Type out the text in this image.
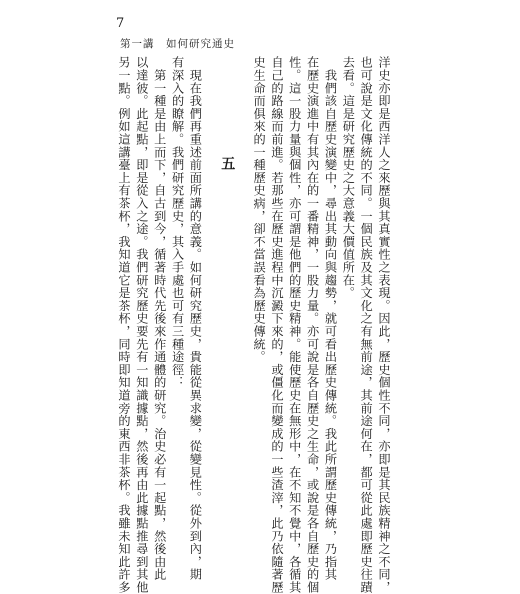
7
第一講　如何研究通史
洋史亦即是西洋人之來歷與其真實性之表現。因此，歷史個性不同，亦即是其民族精神之不同，
也可說是文化傳統的不同。一個民族及其文化之有無前途，其前途何在，都可從此處即歷史往蹟
去看。這是研究歷史之大意義大價值所在。
　我們該自歷史演變中，尋出其動向與趨勢，就可看出歷史傳統。我此所謂歷史傳統，乃指其
在歷史演進中有其內在的一番精神，一股力量。亦可說是各自歷史之生命，或說是各自歷史的個
性。這一股力量與個性，亦可謂是他們的歷史精神。能使歷史在無形中，在不知不覺中，各循其
自己的路線而前進。若那些在歷史進程中沉澱下來的，或僵化而變成的一些渣滓，此乃依隨著歷
史生命而俱來的一種歷史病，卻不當誤看為歷史傳統。
五
　現在我們再重述前面所講的意義。如何研究歷史，貴能從異求變，從變見性。從外到內，期
有深入的瞭解。我們研究歷史，其入手處也可有三種途徑：
　第一種是由上而下，自古到今，循著時代先後來作通體的研究。治史必有一起點，然後由此
以達彼。此起點，即是從入之途。我們研究歷史要先有一知識據點，然後再由此據點推尋到其他
另一點。例如這講臺上有茶杯，我知道它是茶杯，同時即知道旁的東西非茶杯。我雖未知此許多
